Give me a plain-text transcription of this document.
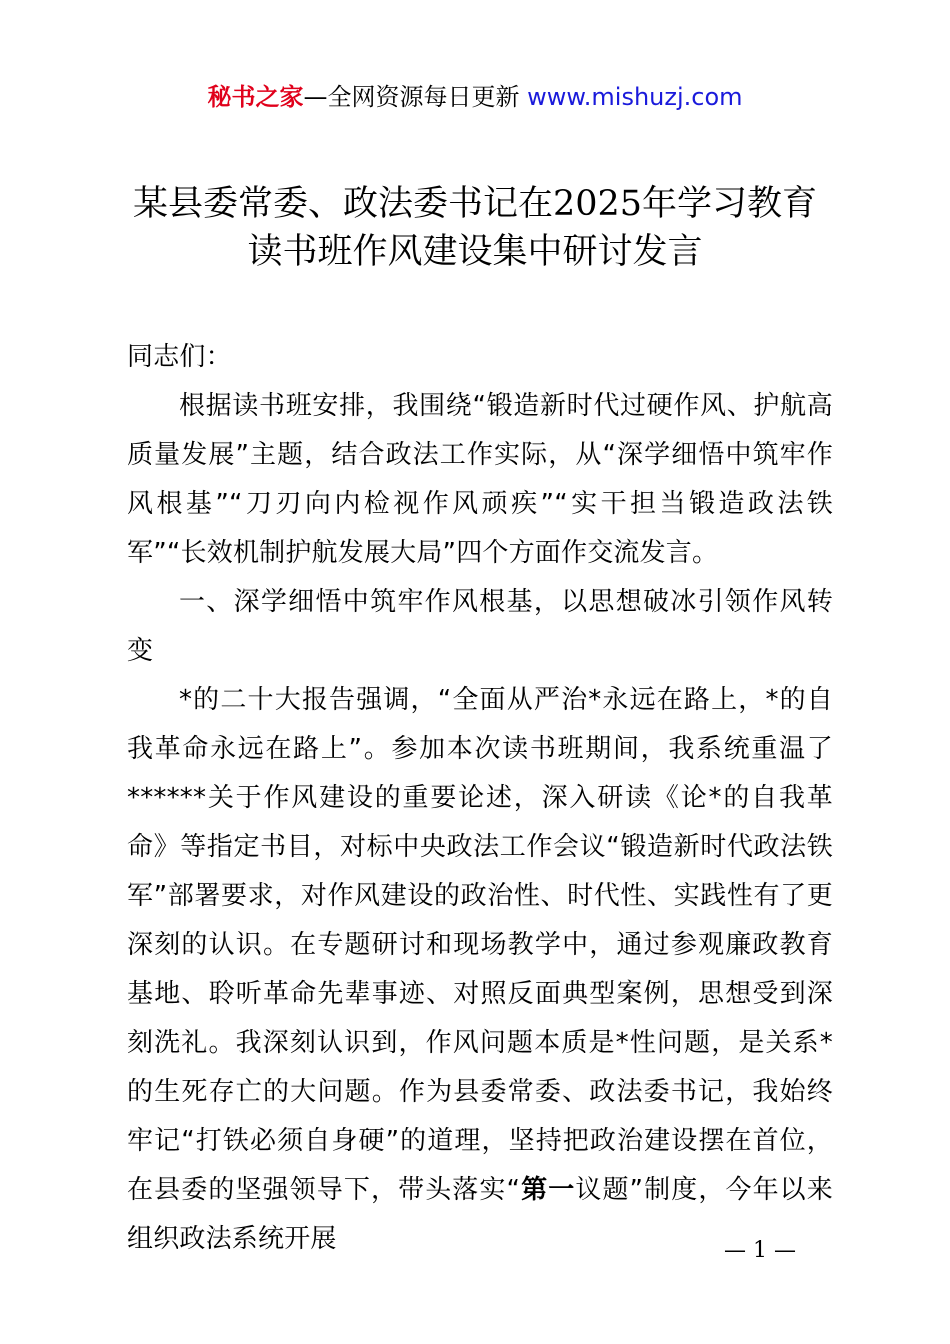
秘书之家—全网资源每日更新 www.mishuzj.com
某县委常委、政法委书记在2025年学习教育
读书班作风建设集中研讨发言

同志们：

根据读书班安排，我围绕“锻造新时代过硬作风、护航高质量发展”主题，结合政法工作实际，从“深学细悟中筑牢作风根基”“刀刃向内检视作风顽疾”“实干担当锻造政法铁军”“长效机制护航发展大局”四个方面作交流发言。

一、深学细悟中筑牢作风根基，以思想破冰引领作风转变

*的二十大报告强调，“全面从严治*永远在路上，*的自我革命永远在路上”。参加本次读书班期间，我系统重温了******关于作风建设的重要论述，深入研读《论*的自我革命》等指定书目，对标中央政法工作会议“锻造新时代政法铁军”部署要求，对作风建设的政治性、时代性、实践性有了更深刻的认识。在专题研讨和现场教学中，通过参观廉政教育基地、聆听革命先辈事迹、对照反面典型案例，思想受到深刻洗礼。我深刻认识到，作风问题本质是*性问题，是关系*的生死存亡的大问题。作为县委常委、政法委书记，我始终牢记“打铁必须自身硬”的道理，坚持把政治建设摆在首位，在县委的坚强领导下，带头落实“第一议题”制度，今年以来组织政法系统开展	— 1 —
